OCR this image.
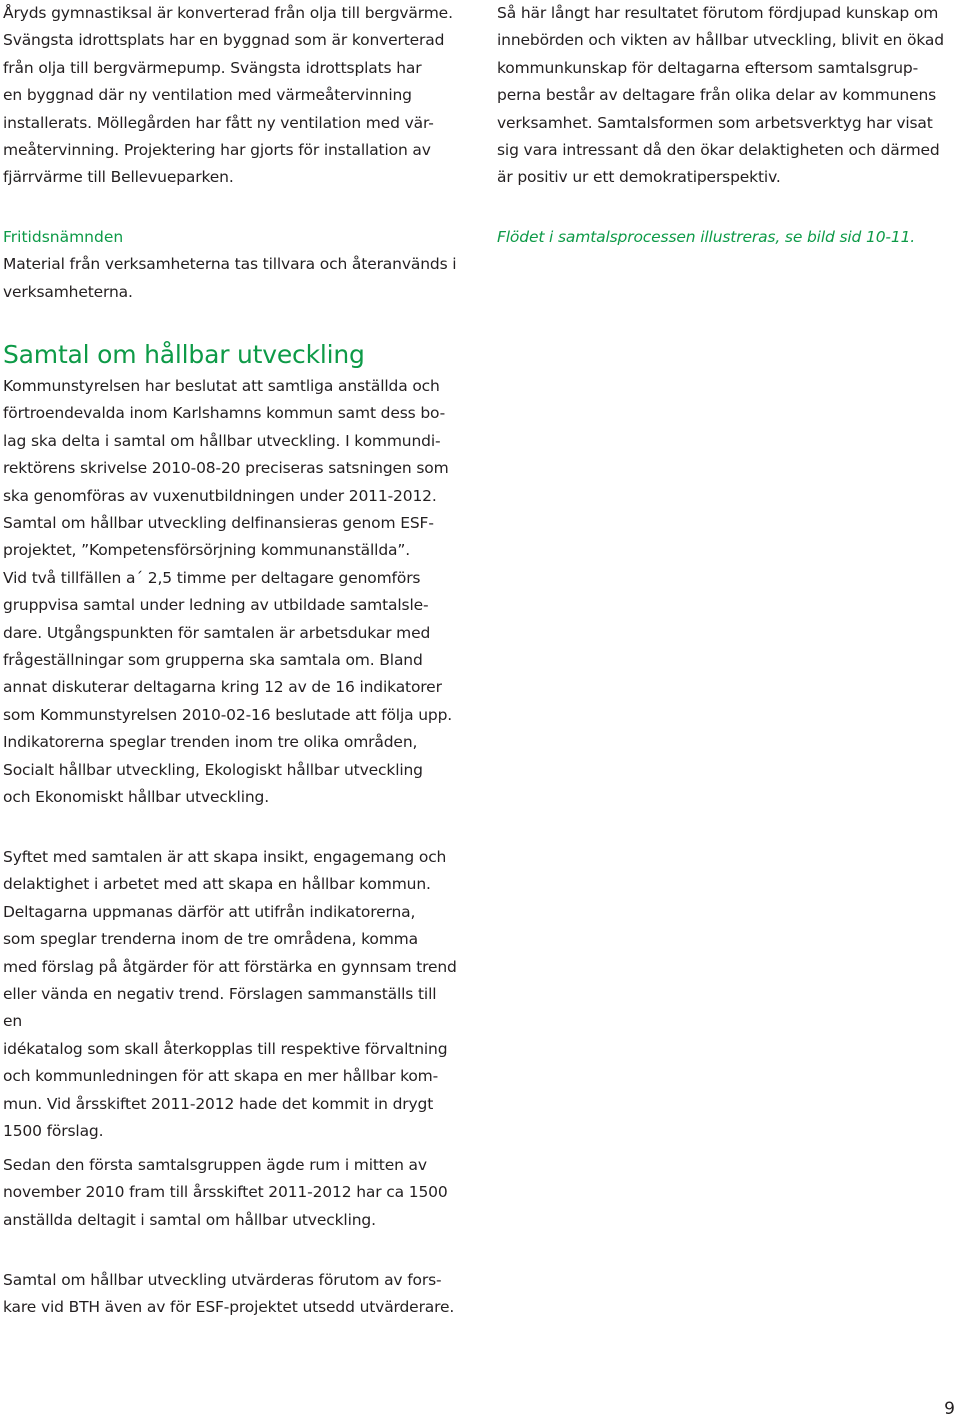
Åryds gymnastiksal är konverterad från olja till bergvärme.

Svängsta idrottsplats har en byggnad som är konverterad

från olja till bergvärmepump. Svängsta idrottsplats har

en byggnad där ny ventilation med värmeåtervinning

installerats. Möllegården har fått ny ventilation med vär-

meåtervinning. Projektering har gjorts för installation av

fjärrvärme till Bellevueparken.

Fritidsnämnden

Material från verksamheterna tas tillvara och återanvänds i

verksamheterna.

Samtal om hållbar utveckling

Kommunstyrelsen har beslutat att samtliga anställda och

förtroendevalda inom Karlshamns kommun samt dess bo-

lag ska delta i samtal om hållbar utveckling. I kommundi-

rektörens skrivelse 2010-08-20 preciseras satsningen som

ska genomföras av vuxenutbildningen under 2011-2012.

Samtal om hållbar utveckling delfinansieras genom ESF-

projektet, ”Kompetensförsörjning kommunanställda”.

Vid två tillfällen a´ 2,5 timme per deltagare genomförs

gruppvisa samtal under ledning av utbildade samtalsle-

dare. Utgångspunkten för samtalen är arbetsdukar med

frågeställningar som grupperna ska samtala om. Bland

annat diskuterar deltagarna kring 12 av de 16 indikatorer

som Kommunstyrelsen 2010-02-16 beslutade att följa upp.

Indikatorerna speglar trenden inom tre olika områden,

Socialt hållbar utveckling, Ekologiskt hållbar utveckling

och Ekonomiskt hållbar utveckling.

Syftet med samtalen är att skapa insikt, engagemang och

delaktighet i arbetet med att skapa en hållbar kommun.

Deltagarna uppmanas därför att utifrån indikatorerna,

som speglar trenderna inom de tre områdena, komma

med förslag på åtgärder för att förstärka en gynnsam trend

eller vända en negativ trend. Förslagen sammanställs till en

idékatalog som skall återkopplas till respektive förvaltning

och kommunledningen för att skapa en mer hållbar kom-

mun. Vid årsskiftet 2011-2012 hade det kommit in drygt

1500 förslag.

Sedan den första samtalsgruppen ägde rum i mitten av

november 2010 fram till årsskiftet 2011-2012 har ca 1500

anställda deltagit i samtal om hållbar utveckling.

Samtal om hållbar utveckling utvärderas förutom av fors-

kare vid BTH även av för ESF-projektet utsedd utvärderare.

Så här långt har resultatet förutom fördjupad kunskap om

innebörden och vikten av hållbar utveckling, blivit en ökad

kommunkunskap för deltagarna eftersom samtalsgrup-

perna består av deltagare från olika delar av kommunens

verksamhet. Samtalsformen som arbetsverktyg har visat

sig vara intressant då den ökar delaktigheten och därmed

är positiv ur ett demokratiperspektiv.

Flödet i samtalsprocessen illustreras, se bild sid 10-11.

9
